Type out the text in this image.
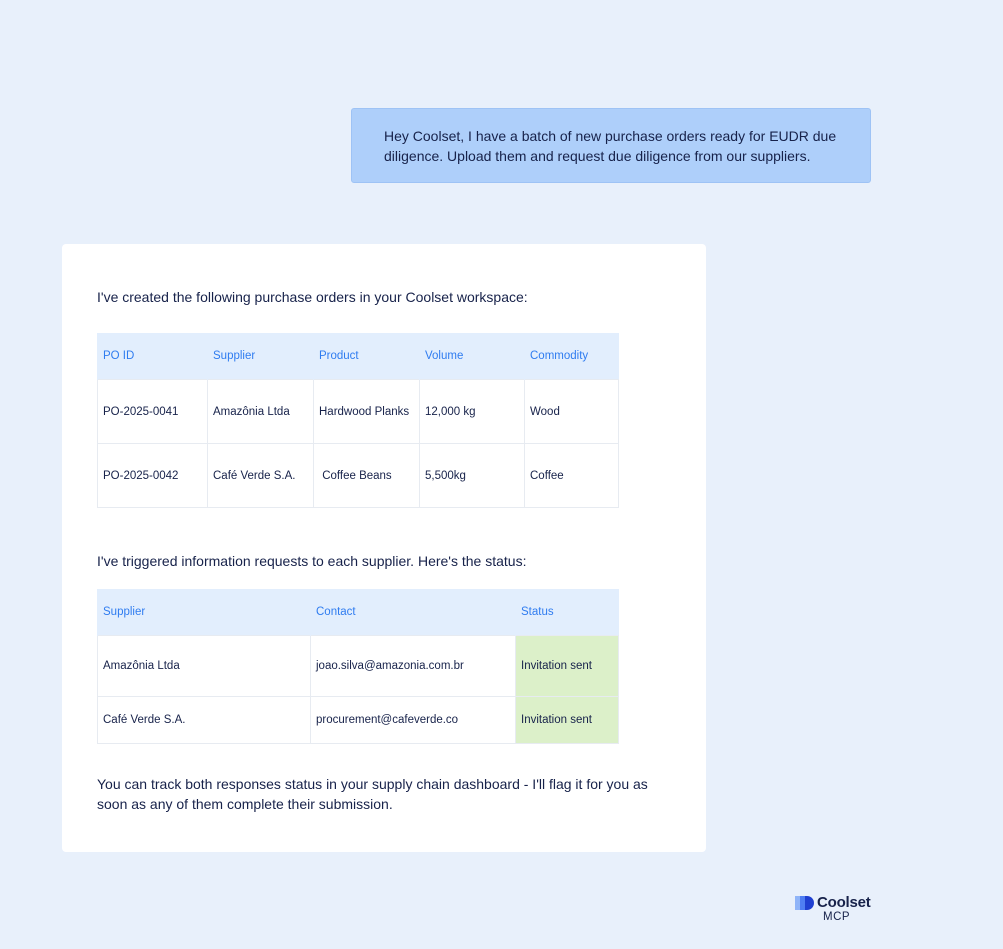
Hey Coolset, I have a batch of new purchase orders ready for EUDR due diligence. Upload them and request due diligence from our suppliers.
I've created the following purchase orders in your Coolset workspace:
PO ID	Supplier	Product	Volume	Commodity
PO-2025-0041	Amazônia Ltda	Hardwood Planks	12,000 kg	Wood
PO-2025-0042	Café Verde S.A.	Coffee Beans	5,500kg	Coffee
I've triggered information requests to each supplier. Here's the status:
Supplier	Contact	Status
Amazônia Ltda	joao.silva@amazonia.com.br	Invitation sent
Café Verde S.A.	procurement@cafeverde.co	Invitation sent
You can track both responses status in your supply chain dashboard - I'll flag it for you as soon as any of them complete their submission.
Coolset
MCP
